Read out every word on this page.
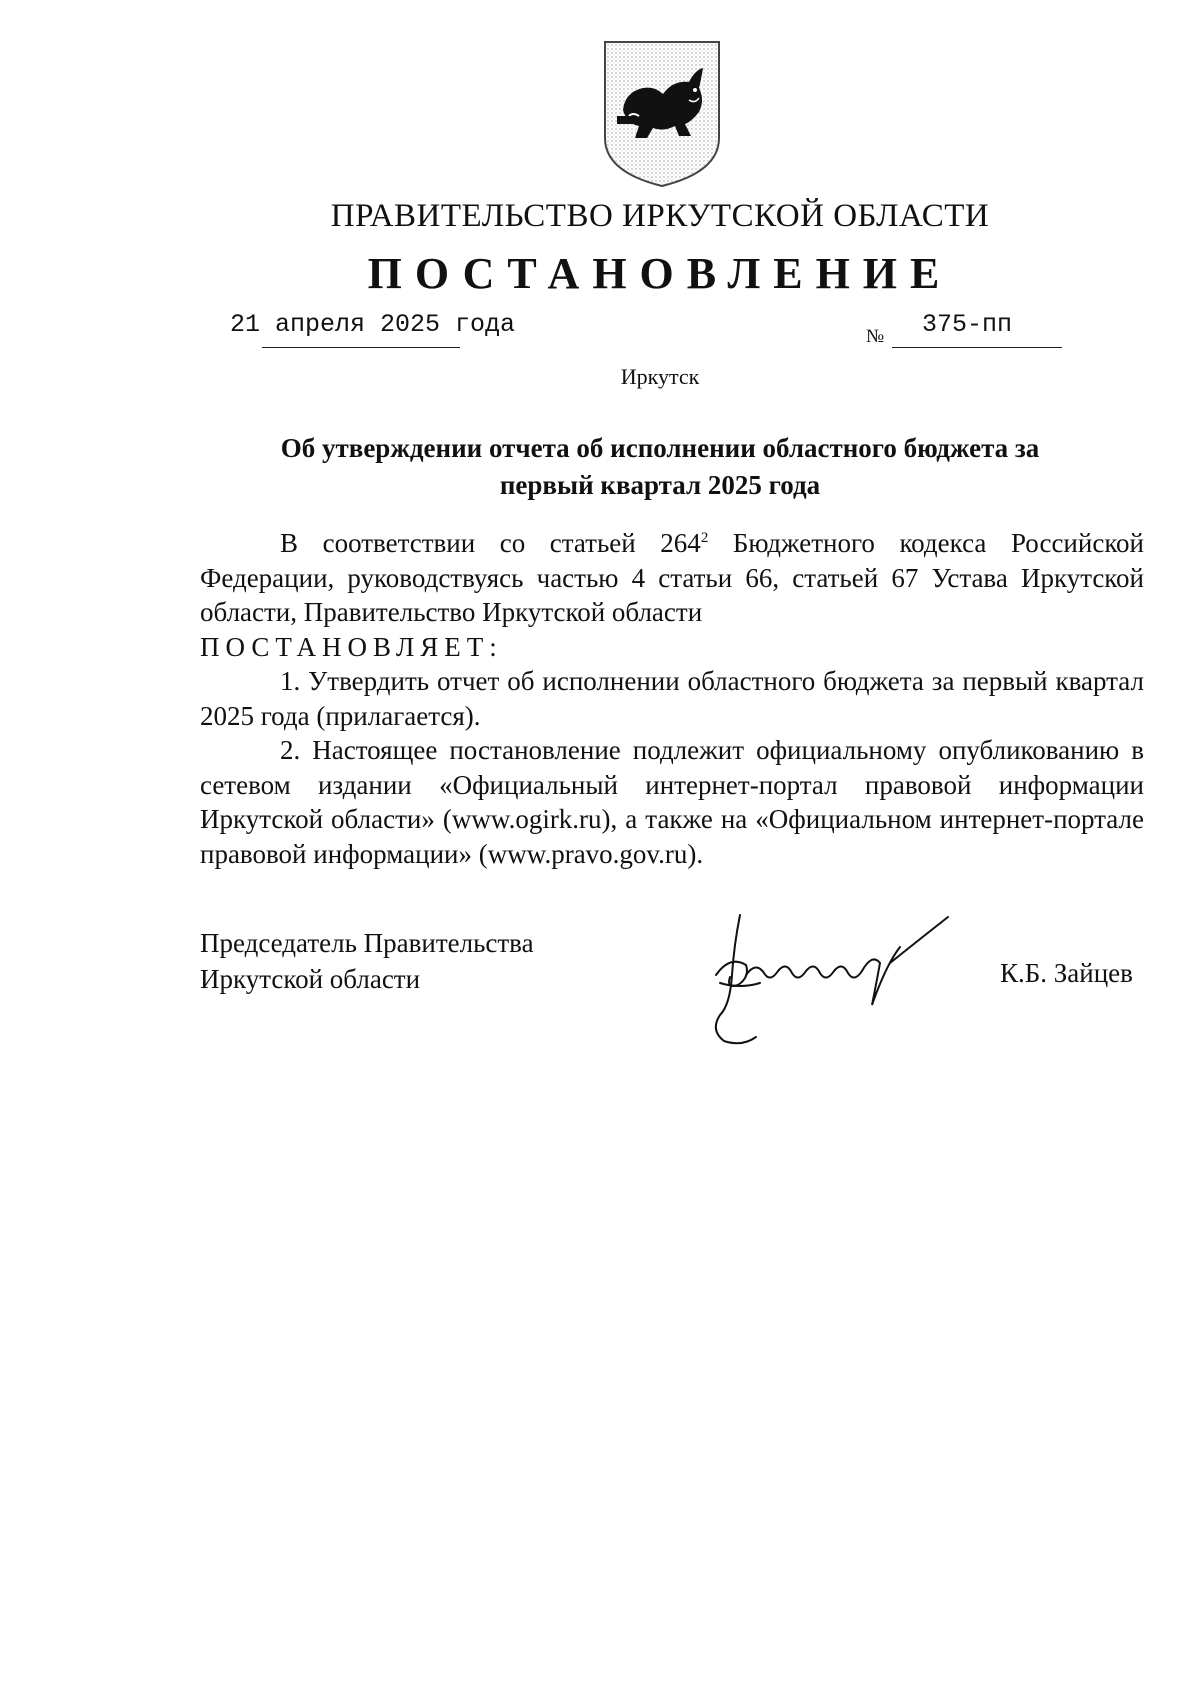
ПРАВИТЕЛЬСТВО ИРКУТСКОЙ ОБЛАСТИ
ПОСТАНОВЛЕНИЕ
21 апреля 2025 года	№ 375-пп
Иркутск
Об утверждении отчета об исполнении областного бюджета за
первый квартал 2025 года

В соответствии со статьей $264^2$ Бюджетного кодекса Российской Федерации, руководствуясь частью 4 статьи 66, статьей 67 Устава Иркутской области, Правительство Иркутской области

ПОСТАНОВЛЯЕТ:

1. Утвердить отчет об исполнении областного бюджета за первый квартал 2025 года (прилагается).

2. Настоящее постановление подлежит официальному опубликованию в сетевом издании «Официальный интернет-портал правовой информации Иркутской области» (www.ogirk.ru), а также на «Официальном интернет-портале правовой информации» (www.pravo.gov.ru).

Председатель Правительства
Иркутской области	К.Б. Зайцев
